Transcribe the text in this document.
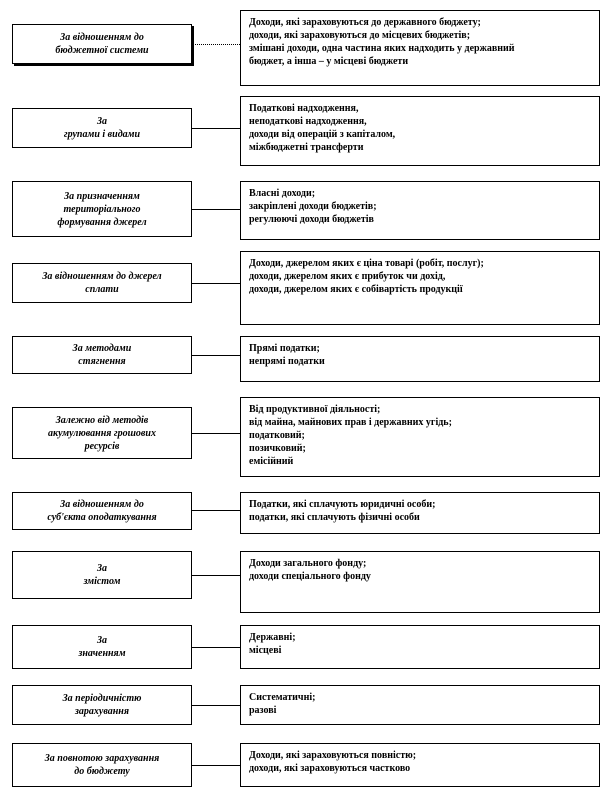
За відношенням до
бюджетної системи
Доходи, які зараховуються до державного бюджету;
доходи, які зараховуються до місцевих бюджетів;
змішані доходи, одна частина яких надходить у державний
бюджет, а інша – у місцеві бюджети
За
групами і видами
Податкові надходження,
неподаткові надходження,
доходи від операцій з капіталом,
міжбюджетні трансферти
За призначенням
територіального
формування джерел
Власні доходи;
закріплені доходи бюджетів;
регулюючі доходи бюджетів
За відношенням до джерел
сплати
Доходи, джерелом яких є ціна товарі (робіт, послуг);
доходи, джерелом яких є прибуток чи дохід,
доходи, джерелом яких є собівартість продукції
За методами
стягнення
Прямі податки;
непрямі податки
Залежно від методів
акумулювання грошових
ресурсів
Від продуктивної діяльності;
від майна, майнових прав і державних угідь;
податковий;
позичковий;
емісійний
За відношенням до
суб'єкта оподаткування
Податки, які сплачують юридичні особи;
податки, які сплачують фізичні особи
За
змістом
Доходи загального фонду;
доходи спеціального фонду
За
значенням
Державні;
місцеві
За періодичністю
зарахування
Систематичні;
разові
За повнотою зарахування
до бюджету
Доходи, які зараховуються повністю;
доходи, які зараховуються частково
